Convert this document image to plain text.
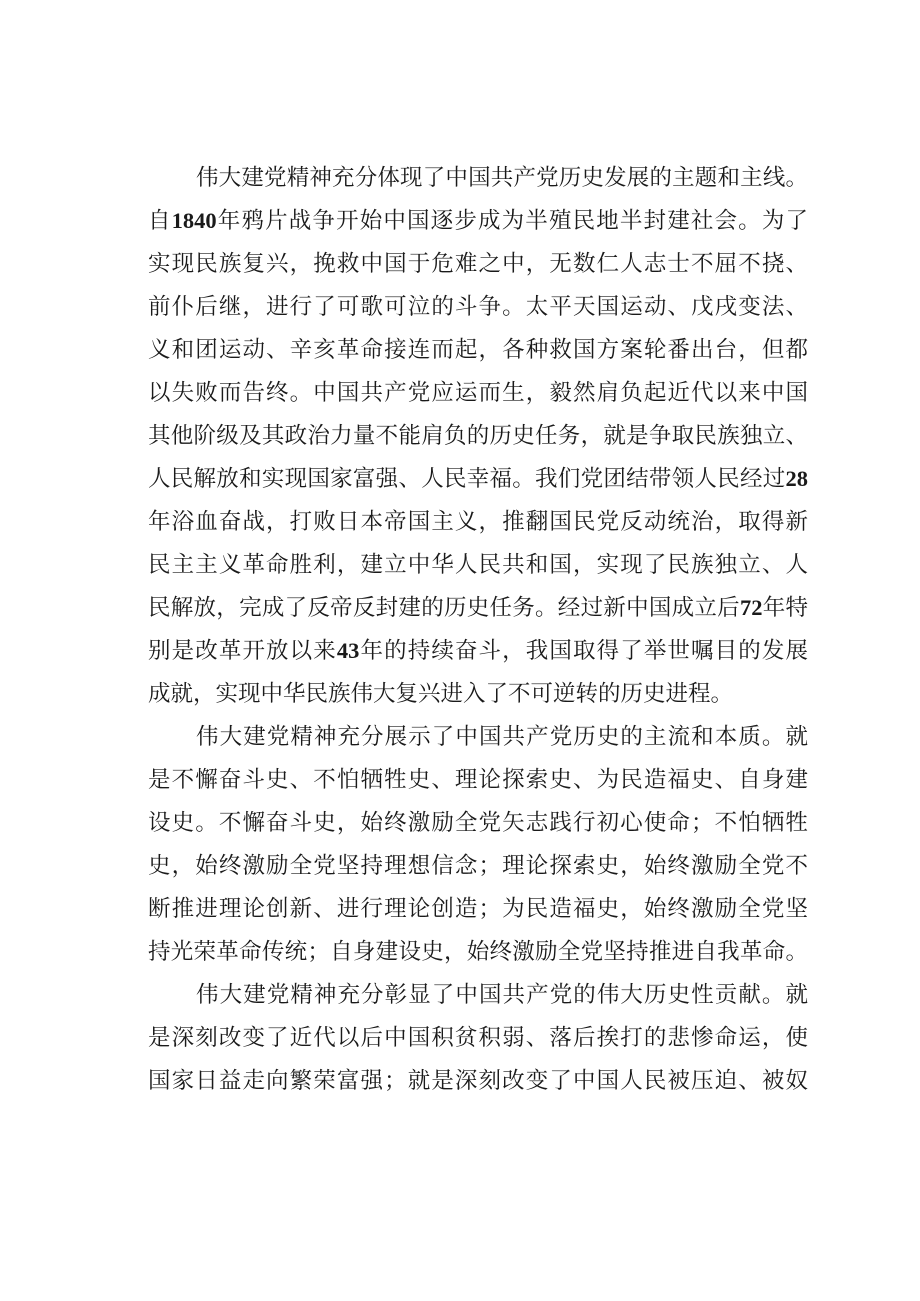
伟大建党精神充分体现了中国共产党历史发展的主题和主线。
自1840年鸦片战争开始中国逐步成为半殖民地半封建社会。为了
实现民族复兴，挽救中国于危难之中，无数仁人志士不屈不挠、
前仆后继，进行了可歌可泣的斗争。太平天国运动、戊戌变法、
义和团运动、辛亥革命接连而起，各种救国方案轮番出台，但都
以失败而告终。中国共产党应运而生，毅然肩负起近代以来中国
其他阶级及其政治力量不能肩负的历史任务，就是争取民族独立、
人民解放和实现国家富强、人民幸福。我们党团结带领人民经过28
年浴血奋战，打败日本帝国主义，推翻国民党反动统治，取得新
民主主义革命胜利，建立中华人民共和国，实现了民族独立、人
民解放，完成了反帝反封建的历史任务。经过新中国成立后72年特
别是改革开放以来43年的持续奋斗，我国取得了举世嘱目的发展
成就，实现中华民族伟大复兴进入了不可逆转的历史进程。
伟大建党精神充分展示了中国共产党历史的主流和本质。就
是不懈奋斗史、不怕牺牲史、理论探索史、为民造福史、自身建
设史。不懈奋斗史，始终激励全党矢志践行初心使命；不怕牺牲
史，始终激励全党坚持理想信念；理论探索史，始终激励全党不
断推进理论创新、进行理论创造；为民造福史，始终激励全党坚
持光荣革命传统；自身建设史，始终激励全党坚持推进自我革命。
伟大建党精神充分彰显了中国共产党的伟大历史性贡献。就
是深刻改变了近代以后中国积贫积弱、落后挨打的悲惨命运，使
国家日益走向繁荣富强；就是深刻改变了中国人民被压迫、被奴
